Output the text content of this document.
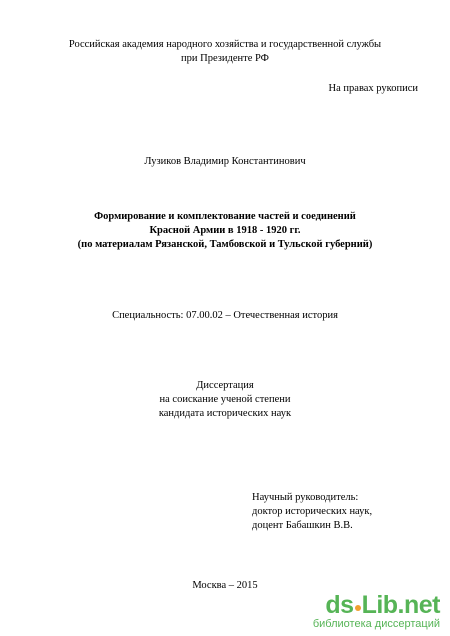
Российская академия народного хозяйства и государственной службы
при Президенте РФ
На правах рукописи
Лузиков Владимир Константинович
Формирование и комплектование частей и соединений
Красной Армии в 1918 - 1920 гг.
(по материалам Рязанской, Тамбовской и Тульской губерний)
Специальность: 07.00.02 – Отечественная история
Диссертация
на соискание ученой степени
кандидата исторических наук
Научный руководитель:
доктор исторических наук,
доцент Бабашкин В.В.
Москва – 2015
ds Lib.net
библиотека диссертаций
